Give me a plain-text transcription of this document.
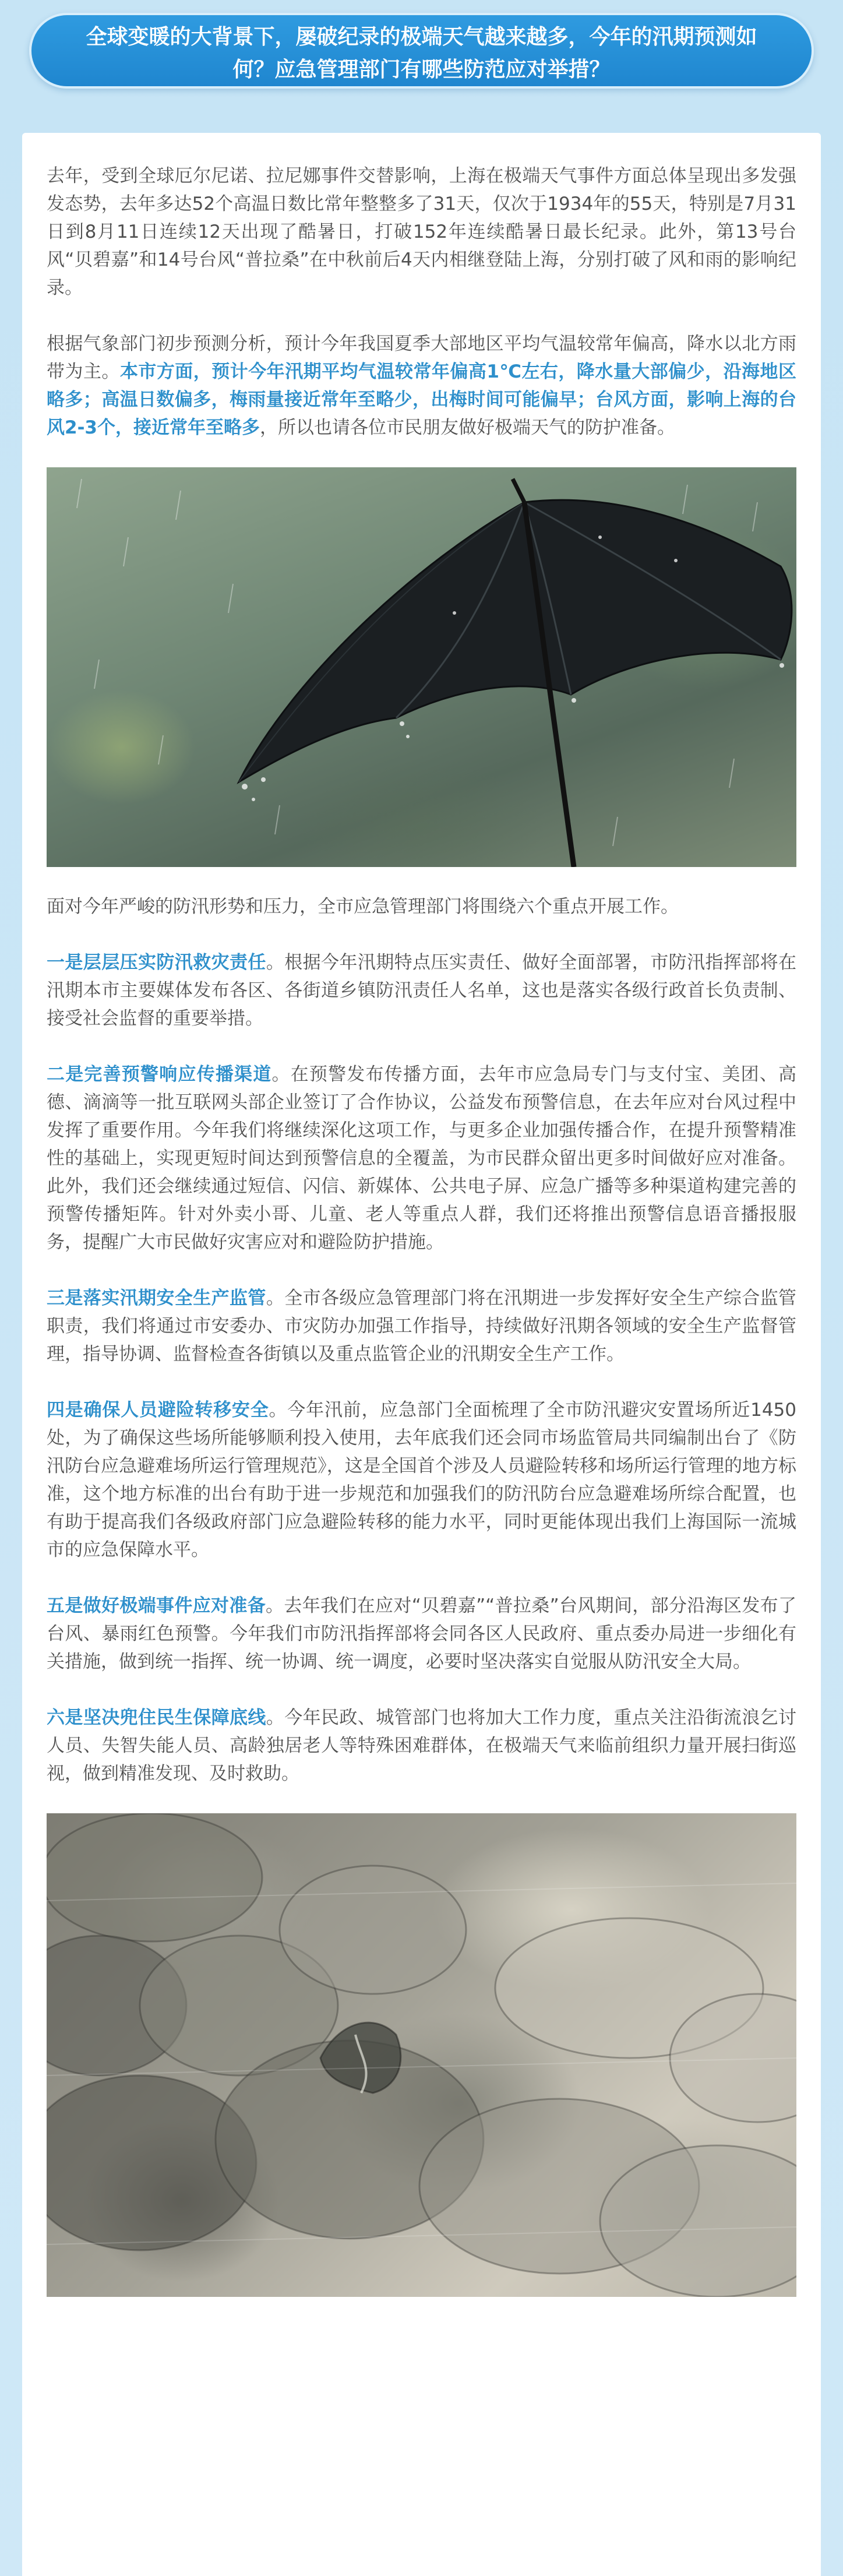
全球变暖的大背景下，屡破纪录的极端天气越来越多，今年的汛期预测如何？应急管理部门有哪些防范应对举措？

去年，受到全球厄尔尼诺、拉尼娜事件交替影响，上海在极端天气事件方面总体呈现出多发强发态势，去年多达52个高温日数比常年整整多了31天，仅次于1934年的55天，特别是7月31日到8月11日连续12天出现了酷暑日，打破152年连续酷暑日最长纪录。此外，第13号台风“贝碧嘉”和14号台风“普拉桑”在中秋前后4天内相继登陆上海，分别打破了风和雨的影响纪录。

根据气象部门初步预测分析，预计今年我国夏季大部地区平均气温较常年偏高，降水以北方雨带为主。本市方面，预计今年汛期平均气温较常年偏高1℃左右，降水量大部偏少，沿海地区略多；高温日数偏多，梅雨量接近常年至略少，出梅时间可能偏早；台风方面，影响上海的台风2-3个，接近常年至略多，所以也请各位市民朋友做好极端天气的防护准备。

面对今年严峻的防汛形势和压力，全市应急管理部门将围绕六个重点开展工作。

一是层层压实防汛救灾责任。根据今年汛期特点压实责任、做好全面部署，市防汛指挥部将在汛期本市主要媒体发布各区、各街道乡镇防汛责任人名单，这也是落实各级行政首长负责制、接受社会监督的重要举措。

二是完善预警响应传播渠道。在预警发布传播方面，去年市应急局专门与支付宝、美团、高德、滴滴等一批互联网头部企业签订了合作协议，公益发布预警信息，在去年应对台风过程中发挥了重要作用。今年我们将继续深化这项工作，与更多企业加强传播合作，在提升预警精准性的基础上，实现更短时间达到预警信息的全覆盖，为市民群众留出更多时间做好应对准备。此外，我们还会继续通过短信、闪信、新媒体、公共电子屏、应急广播等多种渠道构建完善的预警传播矩阵。针对外卖小哥、儿童、老人等重点人群，我们还将推出预警信息语音播报服务，提醒广大市民做好灾害应对和避险防护措施。

三是落实汛期安全生产监管。全市各级应急管理部门将在汛期进一步发挥好安全生产综合监管职责，我们将通过市安委办、市灾防办加强工作指导，持续做好汛期各领域的安全生产监督管理，指导协调、监督检查各街镇以及重点监管企业的汛期安全生产工作。

四是确保人员避险转移安全。今年汛前，应急部门全面梳理了全市防汛避灾安置场所近1450处，为了确保这些场所能够顺利投入使用，去年底我们还会同市场监管局共同编制出台了《防汛防台应急避难场所运行管理规范》，这是全国首个涉及人员避险转移和场所运行管理的地方标准，这个地方标准的出台有助于进一步规范和加强我们的防汛防台应急避难场所综合配置，也有助于提高我们各级政府部门应急避险转移的能力水平，同时更能体现出我们上海国际一流城市的应急保障水平。

五是做好极端事件应对准备。去年我们在应对“贝碧嘉”“普拉桑”台风期间，部分沿海区发布了台风、暴雨红色预警。今年我们市防汛指挥部将会同各区人民政府、重点委办局进一步细化有关措施，做到统一指挥、统一协调、统一调度，必要时坚决落实自觉服从防汛安全大局。

六是坚决兜住民生保障底线。今年民政、城管部门也将加大工作力度，重点关注沿街流浪乞讨人员、失智失能人员、高龄独居老人等特殊困难群体，在极端天气来临前组织力量开展扫街巡视，做到精准发现、及时救助。
